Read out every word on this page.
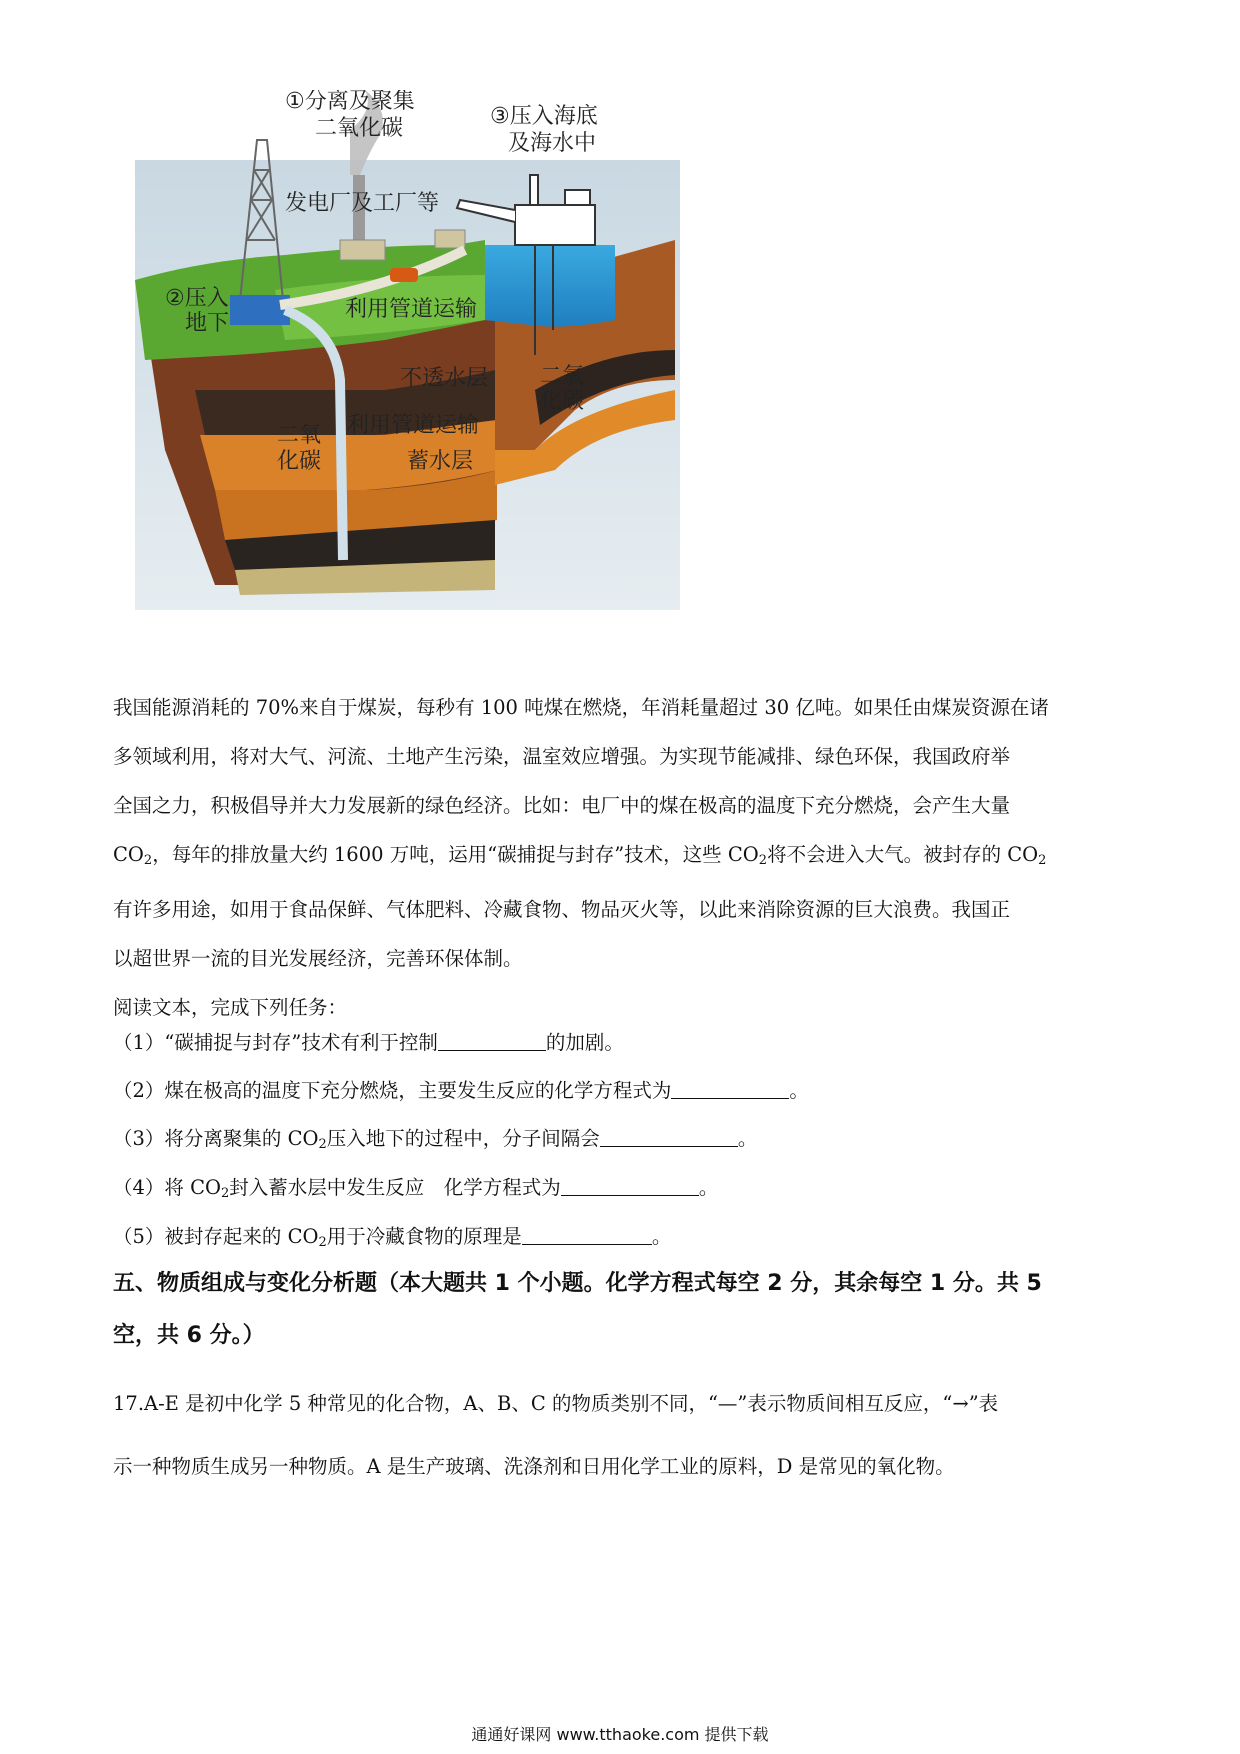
①分离及聚集
二氧化碳	③压入海底
及海水中
发电厂及工厂等
②压入
地下
利用管道运输
不透水层 二氧
化碳
利用管道运输
二氧
化碳	蓄水层

我国能源消耗的 70%来自于煤炭，每秒有 100 吨煤在燃烧，年消耗量超过 30 亿吨。如果任由煤炭资源在诸

多领域利用，将对大气、河流、土地产生污染，温室效应增强。为实现节能减排、绿色环保，我国政府举

全国之力，积极倡导并大力发展新的绿色经济。比如：电厂中的煤在极高的温度下充分燃烧，会产生大量

$CO_2$，每年的排放量大约 1600 万吨，运用“碳捕捉与封存”技术，这些 $CO_2$将不会进入大气。被封存的 $CO_2$

有许多用途，如用于食品保鲜、气体肥料、冷藏食物、物品灭火等，以此来消除资源的巨大浪费。我国正

以超世界一流的目光发展经济，完善环保体制。

阅读文本，完成下列任务：

（1）“碳捕捉与封存”技术有利于控制	的加剧。
（2）煤在极高的温度下充分燃烧，主要发生反应的化学方程式为	。
（3）将分离聚集的 $CO_2$压入地下的过程中，分子间隔会	。
（4）将 $CO_2$封入蓄水层中发生反应　化学方程式为	。
（5）被封存起来的 $CO_2$用于冷藏食物的原理是	。
五、物质组成与变化分析题（本大题共 1 个小题。化学方程式每空 2 分，其余每空 1 分。共 5
空，共 6 分。）

17.A-E 是初中化学 5 种常见的化合物，A、B、C 的物质类别不同，“—”表示物质间相互反应，“→”表

示一种物质生成另一种物质。A 是生产玻璃、洗涤剂和日用化学工业的原料，D 是常见的氧化物。

通通好课网 www.tthaoke.com 提供下载
